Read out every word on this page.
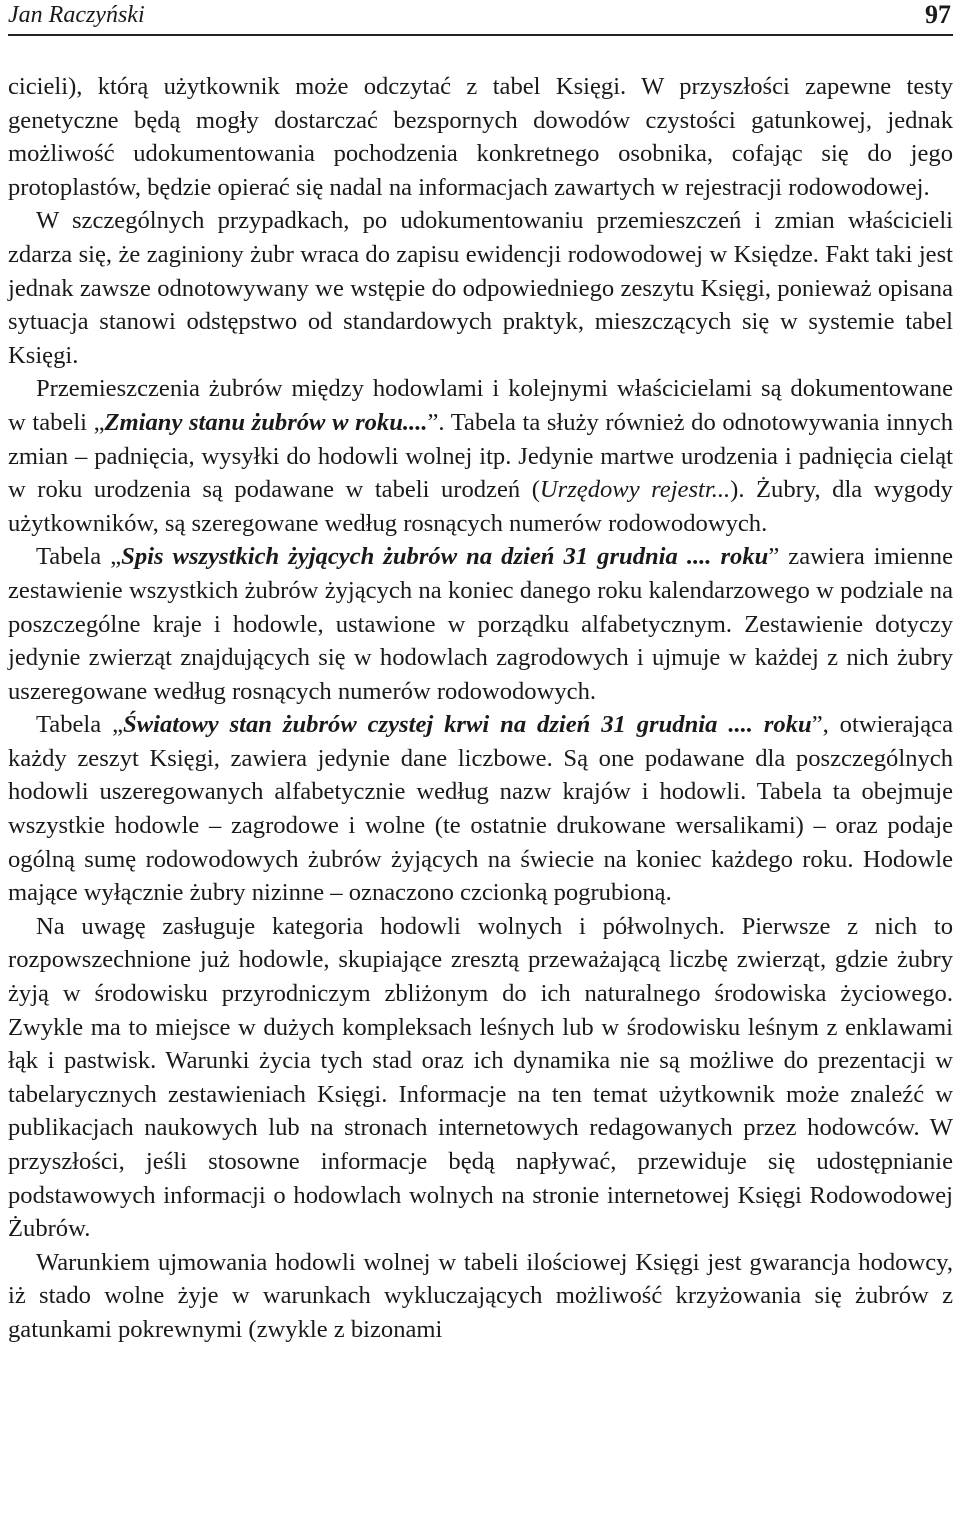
Jan Raczyński	97

cicieli), którą użytkownik może odczytać z tabel Księgi. W przyszłości zapewne testy genetyczne będą mogły dostarczać bezspornych dowodów czystości gatunkowej, jednak możliwość udokumentowania pochodzenia konkretnego osobnika, cofając się do jego protoplastów, będzie opierać się nadal na informacjach zawartych w rejestracji rodowodowej.

W szczególnych przypadkach, po udokumentowaniu przemieszczeń i zmian właścicieli zdarza się, że zaginiony żubr wraca do zapisu ewidencji rodowodowej w Księdze. Fakt taki jest jednak zawsze odnotowywany we wstępie do odpowiedniego zeszytu Księgi, ponieważ opisana sytuacja stanowi odstępstwo od standardowych praktyk, mieszczących się w systemie tabel Księgi.

Przemieszczenia żubrów między hodowlami i kolejnymi właścicielami są dokumentowane w tabeli „Zmiany stanu żubrów w roku....”. Tabela ta służy również do odnotowywania innych zmian – padnięcia, wysyłki do hodowli wolnej itp. Jedynie martwe urodzenia i padnięcia cieląt w roku urodzenia są podawane w tabeli urodzeń (Urzędowy rejestr...). Żubry, dla wygody użytkowników, są szeregowane według rosnących numerów rodowodowych.

Tabela „Spis wszystkich żyjących żubrów na dzień 31 grudnia .... roku” zawiera imienne zestawienie wszystkich żubrów żyjących na koniec danego roku kalendarzowego w podziale na poszczególne kraje i hodowle, ustawione w porządku alfabetycznym. Zestawienie dotyczy jedynie zwierząt znajdujących się w hodowlach zagrodowych i ujmuje w każdej z nich żubry uszeregowane według rosnących numerów rodowodowych.

Tabela „Światowy stan żubrów czystej krwi na dzień 31 grudnia .... roku”, otwierająca każdy zeszyt Księgi, zawiera jedynie dane liczbowe. Są one podawane dla poszczególnych hodowli uszeregowanych alfabetycznie według nazw krajów i hodowli. Tabela ta obejmuje wszystkie hodowle – zagrodowe i wolne (te ostatnie drukowane wersalikami) – oraz podaje ogólną sumę rodowodowych żubrów żyjących na świecie na koniec każdego roku. Hodowle mające wyłącznie żubry nizinne – oznaczono czcionką pogrubioną.

Na uwagę zasługuje kategoria hodowli wolnych i półwolnych. Pierwsze z nich to rozpowszechnione już hodowle, skupiające zresztą przeważającą liczbę zwierząt, gdzie żubry żyją w środowisku przyrodniczym zbliżonym do ich naturalnego środowiska życiowego. Zwykle ma to miejsce w dużych kompleksach leśnych lub w środowisku leśnym z enklawami łąk i pastwisk. Warunki życia tych stad oraz ich dynamika nie są możliwe do prezentacji w tabelarycznych zestawieniach Księgi. Informacje na ten temat użytkownik może znaleźć w publikacjach naukowych lub na stronach internetowych redagowanych przez hodowców. W przyszłości, jeśli stosowne informacje będą napływać, przewiduje się udostępnianie podstawowych informacji o hodowlach wolnych na stronie internetowej Księgi Rodowodowej Żubrów.

Warunkiem ujmowania hodowli wolnej w tabeli ilościowej Księgi jest gwarancja hodowcy, iż stado wolne żyje w warunkach wykluczających możliwość krzyżowania się żubrów z gatunkami pokrewnymi (zwykle z bizonami
